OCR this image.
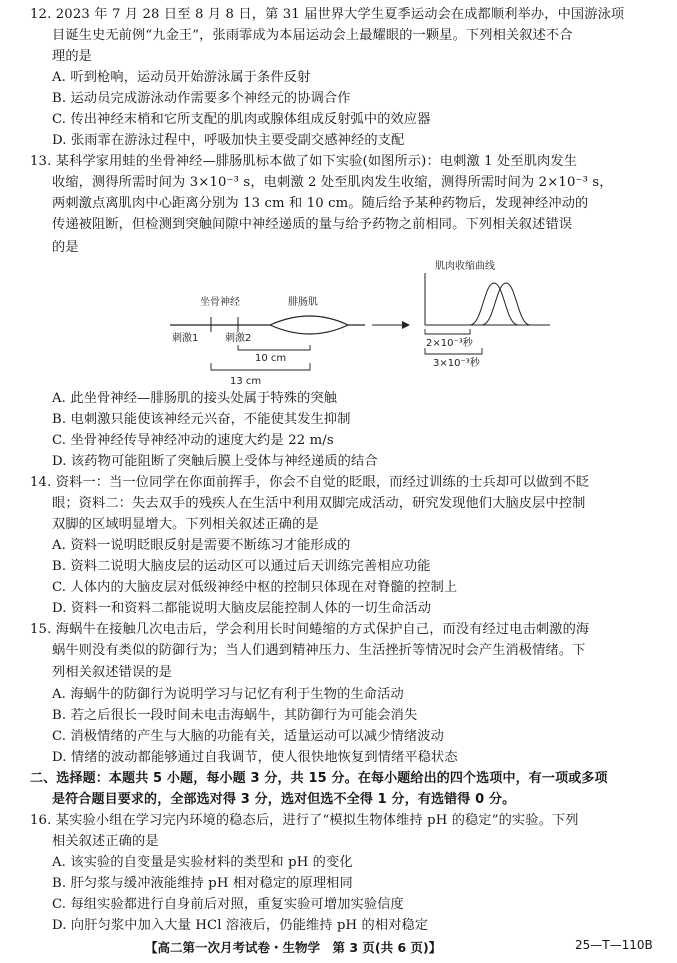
12. 2023 年 7 月 28 日至 8 月 8 日，第 31 届世界大学生夏季运动会在成都顺利举办，中国游泳项
目诞生史无前例“九金王”，张雨霏成为本届运动会上最耀眼的一颗星。下列相关叙述不合
理的是
A. 听到枪响，运动员开始游泳属于条件反射
B. 运动员完成游泳动作需要多个神经元的协调合作
C. 传出神经末梢和它所支配的肌肉或腺体组成反射弧中的效应器
D. 张雨霏在游泳过程中，呼吸加快主要受副交感神经的支配
13. 某科学家用蛙的坐骨神经—腓肠肌标本做了如下实验(如图所示)：电刺激 1 处至肌肉发生
收缩，测得所需时间为 3×10⁻³ s，电刺激 2 处至肌肉发生收缩，测得所需时间为 2×10⁻³ s，
两刺激点离肌肉中心距离分别为 13 cm 和 10 cm。随后给予某种药物后，发现神经冲动的
传递被阻断，但检测到突触间隙中神经递质的量与给予药物之前相同。下列相关叙述错误
的是
坐骨神经	腓肠肌
刺激1	刺激2
10 cm
13 cm
肌肉收缩曲线
2×10⁻³秒
3×10⁻³秒
A. 此坐骨神经—腓肠肌的接头处属于特殊的突触
B. 电刺激只能使该神经元兴奋，不能使其发生抑制
C. 坐骨神经传导神经冲动的速度大约是 22 m/s
D. 该药物可能阻断了突触后膜上受体与神经递质的结合
14. 资料一：当一位同学在你面前挥手，你会不自觉的眨眼，而经过训练的士兵却可以做到不眨
眼；资料二：失去双手的残疾人在生活中利用双脚完成活动，研究发现他们大脑皮层中控制
双脚的区域明显增大。下列相关叙述正确的是
A. 资料一说明眨眼反射是需要不断练习才能形成的
B. 资料二说明大脑皮层的运动区可以通过后天训练完善相应功能
C. 人体内的大脑皮层对低级神经中枢的控制只体现在对脊髓的控制上
D. 资料一和资料二都能说明大脑皮层能控制人体的一切生命活动
15. 海蜗牛在接触几次电击后，学会利用长时间蜷缩的方式保护自己，而没有经过电击刺激的海
蜗牛则没有类似的防御行为；当人们遇到精神压力、生活挫折等情况时会产生消极情绪。下
列相关叙述错误的是
A. 海蜗牛的防御行为说明学习与记忆有利于生物的生命活动
B. 若之后很长一段时间未电击海蜗牛，其防御行为可能会消失
C. 消极情绪的产生与大脑的功能有关，适量运动可以减少情绪波动
D. 情绪的波动都能够通过自我调节，使人很快地恢复到情绪平稳状态
二、选择题：本题共 5 小题，每小题 3 分，共 15 分。在每小题给出的四个选项中，有一项或多项
是符合题目要求的，全部选对得 3 分，选对但选不全得 1 分，有选错得 0 分。
16. 某实验小组在学习完内环境的稳态后，进行了“模拟生物体维持 pH 的稳定”的实验。下列
相关叙述正确的是
A. 该实验的自变量是实验材料的类型和 pH 的变化
B. 肝匀浆与缓冲液能维持 pH 相对稳定的原理相同
C. 每组实验都进行自身前后对照，重复实验可增加实验信度
D. 向肝匀浆中加入大量 HCl 溶液后，仍能维持 pH 的相对稳定
【高二第一次月考试卷・生物学　第 3 页(共 6 页)】	25—T—110B
